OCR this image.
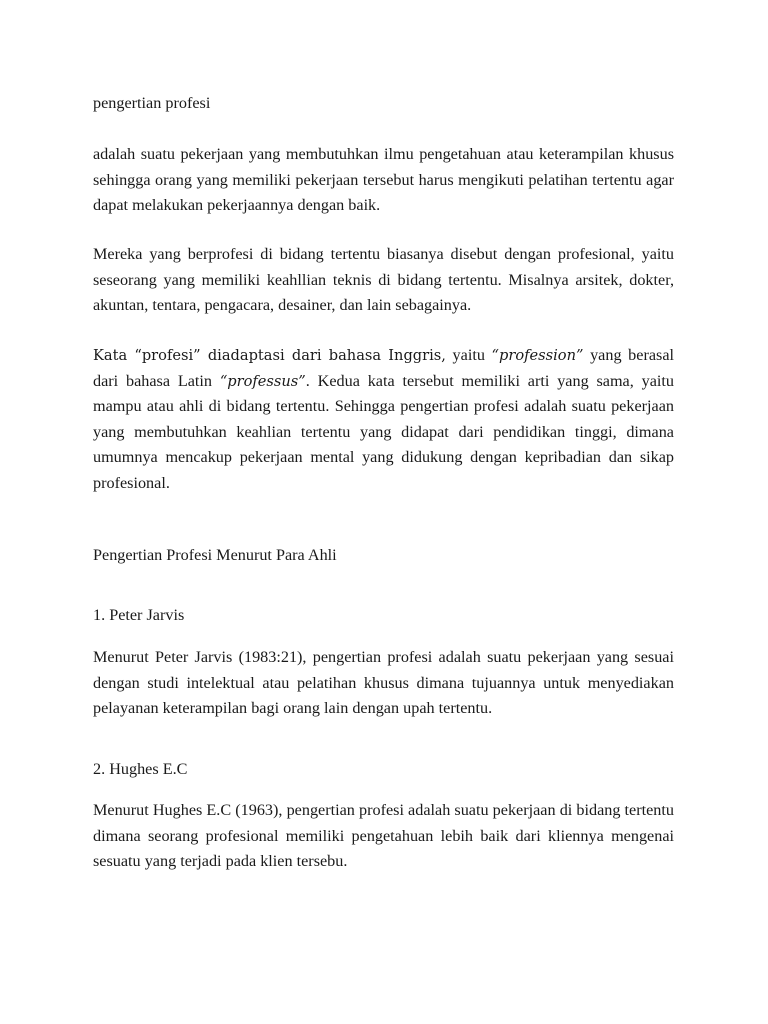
pengertian profesi

adalah suatu pekerjaan yang membutuhkan ilmu pengetahuan atau keterampilan khusus sehingga orang yang memiliki pekerjaan tersebut harus mengikuti pelatihan tertentu agar dapat melakukan pekerjaannya dengan baik.

Mereka yang berprofesi di bidang tertentu biasanya disebut dengan profesional, yaitu seseorang yang memiliki keahllian teknis di bidang tertentu. Misalnya arsitek, dokter, akuntan, tentara, pengacara, desainer, dan lain sebagainya.

Kata “profesi” diadaptasi dari bahasa Inggris, yaitu “profession” yang berasal dari bahasa Latin “professus”. Kedua kata tersebut memiliki arti yang sama, yaitu mampu atau ahli di bidang tertentu. Sehingga pengertian profesi adalah suatu pekerjaan yang membutuhkan keahlian tertentu yang didapat dari pendidikan tinggi, dimana umumnya mencakup pekerjaan mental yang didukung dengan kepribadian dan sikap profesional.

Pengertian Profesi Menurut Para Ahli

1. Peter Jarvis

Menurut Peter Jarvis (1983:21), pengertian profesi adalah suatu pekerjaan yang sesuai dengan studi intelektual atau pelatihan khusus dimana tujuannya untuk menyediakan pelayanan keterampilan bagi orang lain dengan upah tertentu.

2. Hughes E.C

Menurut Hughes E.C (1963), pengertian profesi adalah suatu pekerjaan di bidang tertentu dimana seorang profesional memiliki pengetahuan lebih baik dari kliennya mengenai sesuatu yang terjadi pada klien tersebu.
